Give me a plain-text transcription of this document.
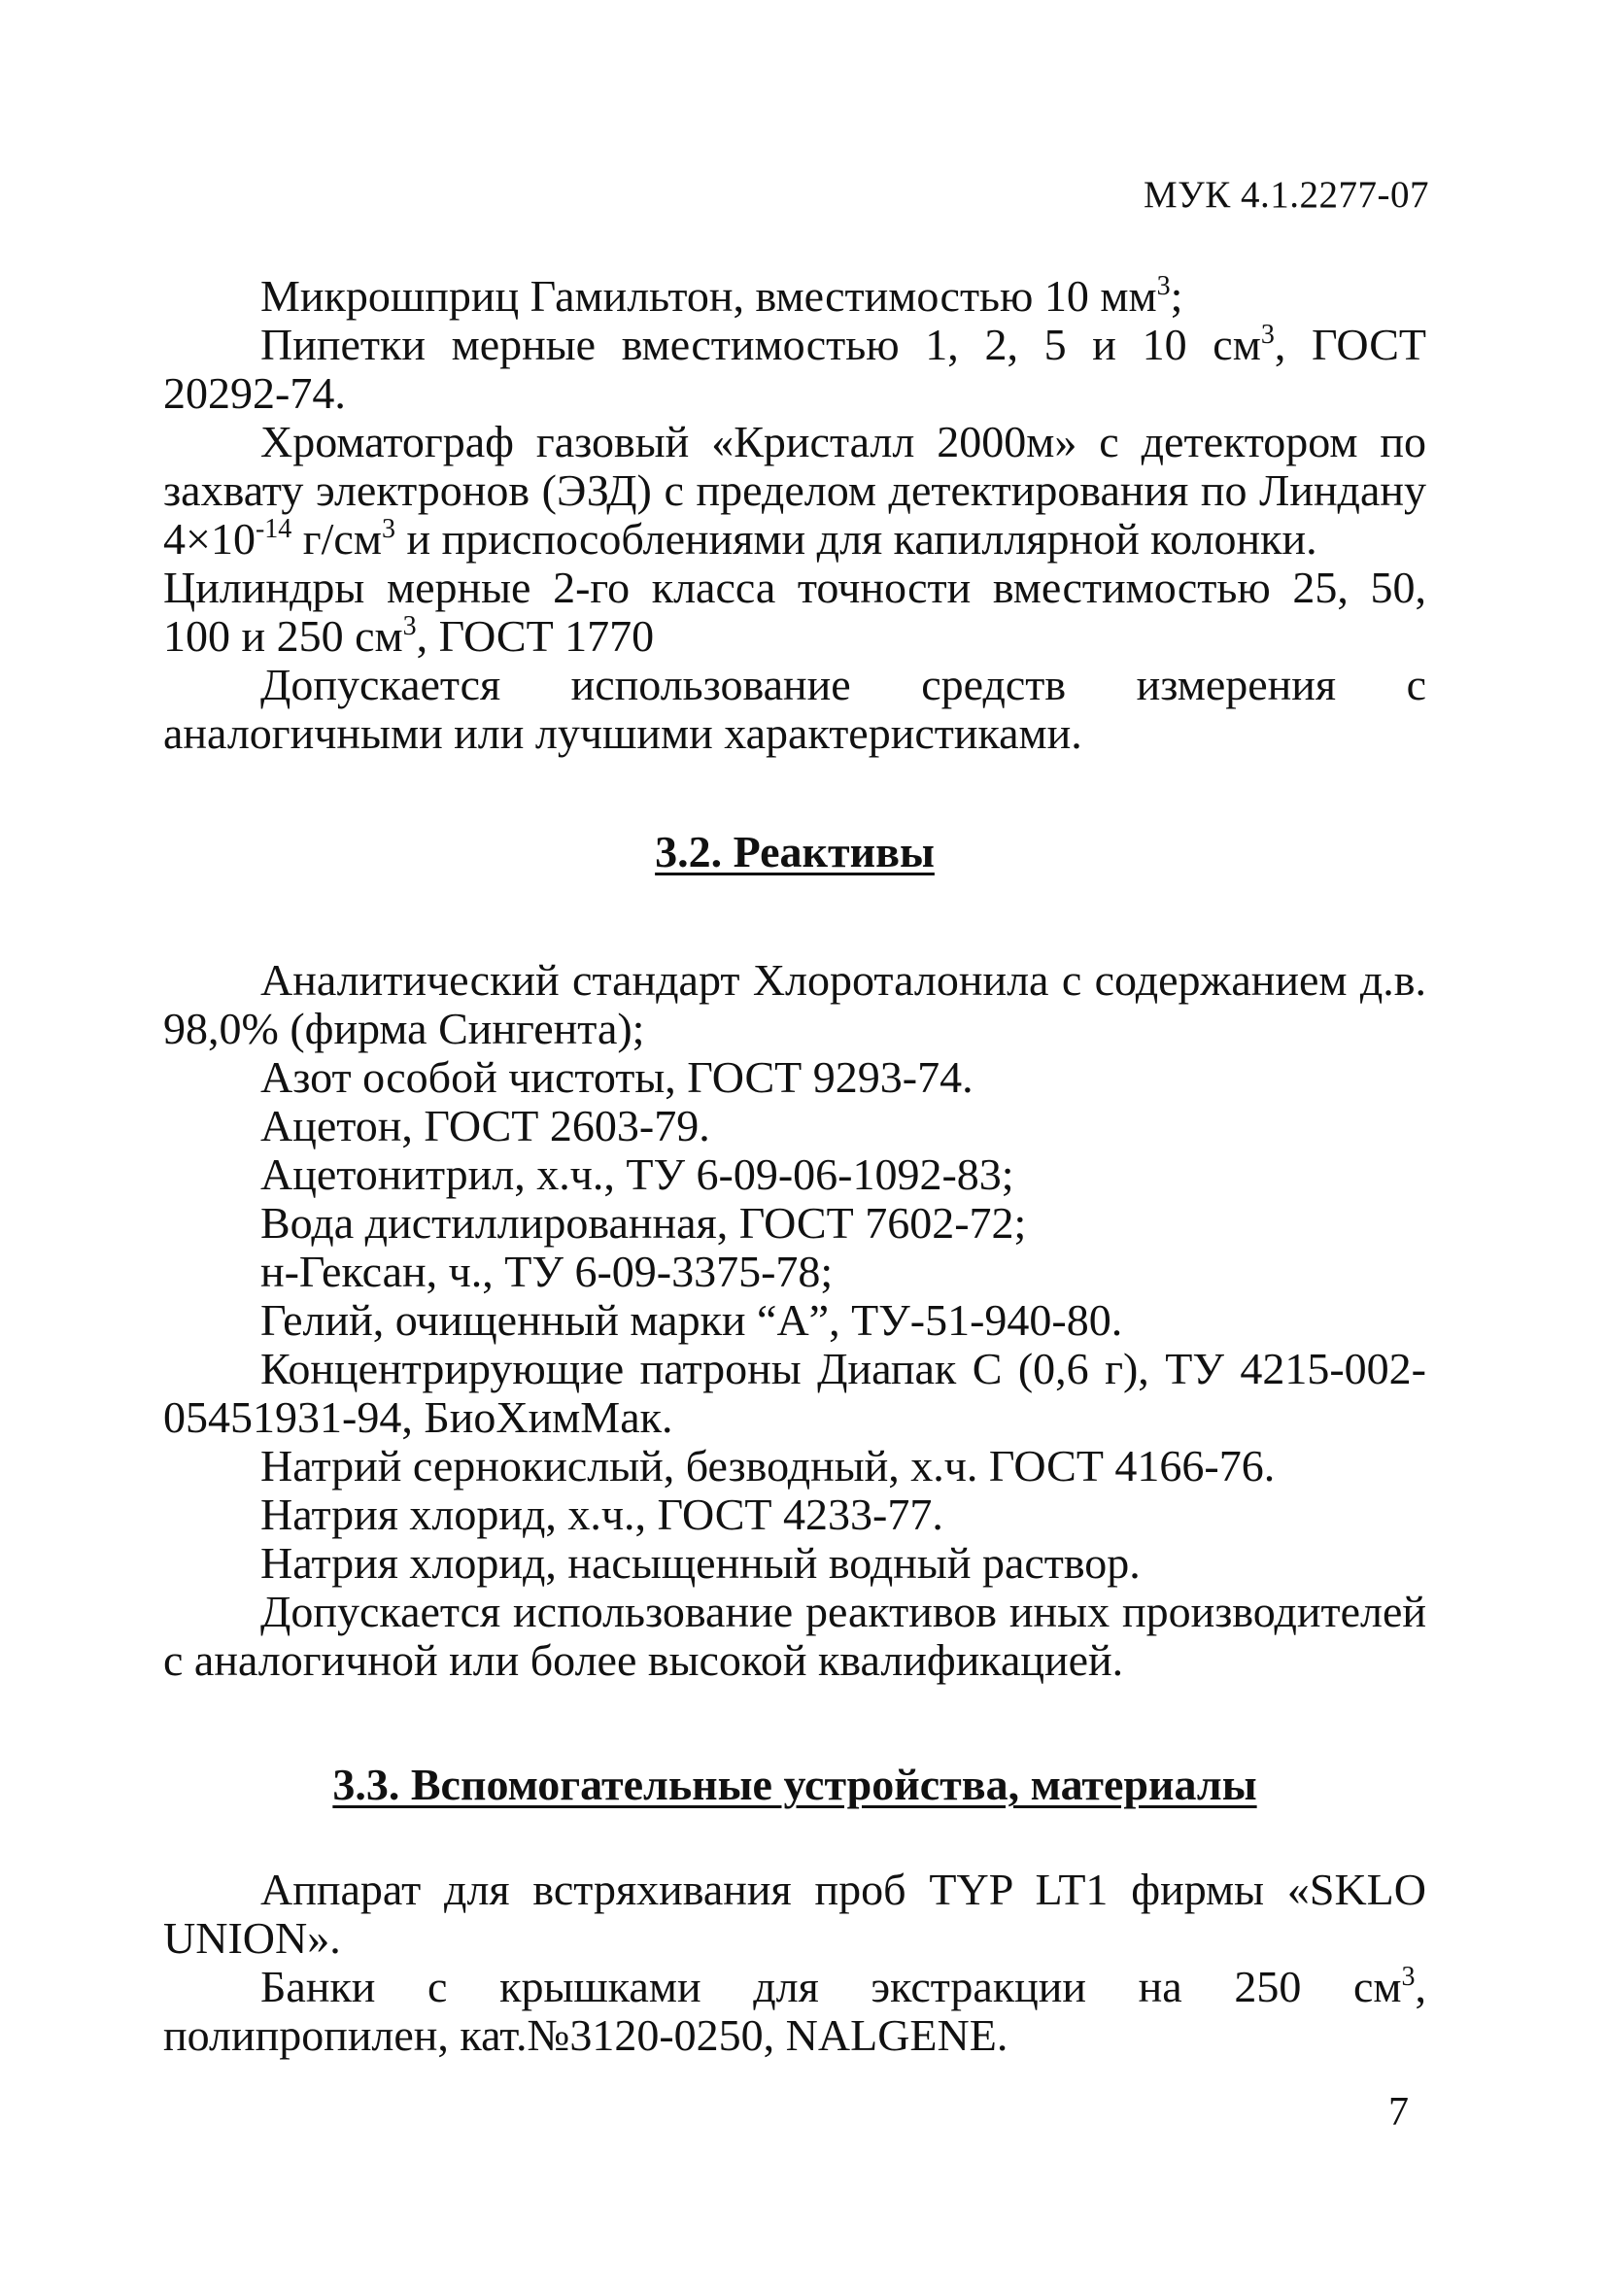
МУК 4.1.2277-07

Микрошприц Гамильтон, вместимостью 10 $мм^3$;

Пипетки мерные вместимостью 1, 2, 5 и 10 $см^3$, ГОСТ 20292-74.

Хроматограф газовый «Кристалл 2000м» с детектором по захвату электронов (ЭЗД) с пределом детектирования по Линдану $4\times 10^{-14}$ $г/см^3$ и приспособлениями для капиллярной колонки.

Цилиндры мерные 2-го класса точности вместимостью 25, 50, 100 и 250 $см^3$, ГОСТ 1770

Допускается использование средств измерения с аналогичными или лучшими характеристиками.

3.2. Реактивы

Аналитический стандарт Хлороталонила с содержанием д.в. 98,0% (фирма Сингента);

Азот особой чистоты, ГОСТ 9293-74.

Ацетон, ГОСТ 2603-79.

Ацетонитрил, х.ч., ТУ 6-09-06-1092-83;

Вода дистиллированная, ГОСТ 7602-72;

н-Гексан, ч., ТУ 6-09-3375-78;

Гелий, очищенный марки “А”, ТУ-51-940-80.

Концентрирующие патроны Диапак С (0,6 г), ТУ 4215-002-05451931-94, БиоХимМак.

Натрий сернокислый, безводный, х.ч. ГОСТ 4166-76.

Натрия хлорид, х.ч., ГОСТ 4233-77.

Натрия хлорид, насыщенный водный раствор.

Допускается использование реактивов иных производителей с аналогичной или более высокой квалификацией.

3.3. Вспомогательные устройства, материалы

Аппарат для встряхивания проб TYP LT1 фирмы «SKLO UNION».

Банки с крышками для экстракции на 250 $см^3$, полипропилен, кат.№3120-0250, NALGENE.

7
